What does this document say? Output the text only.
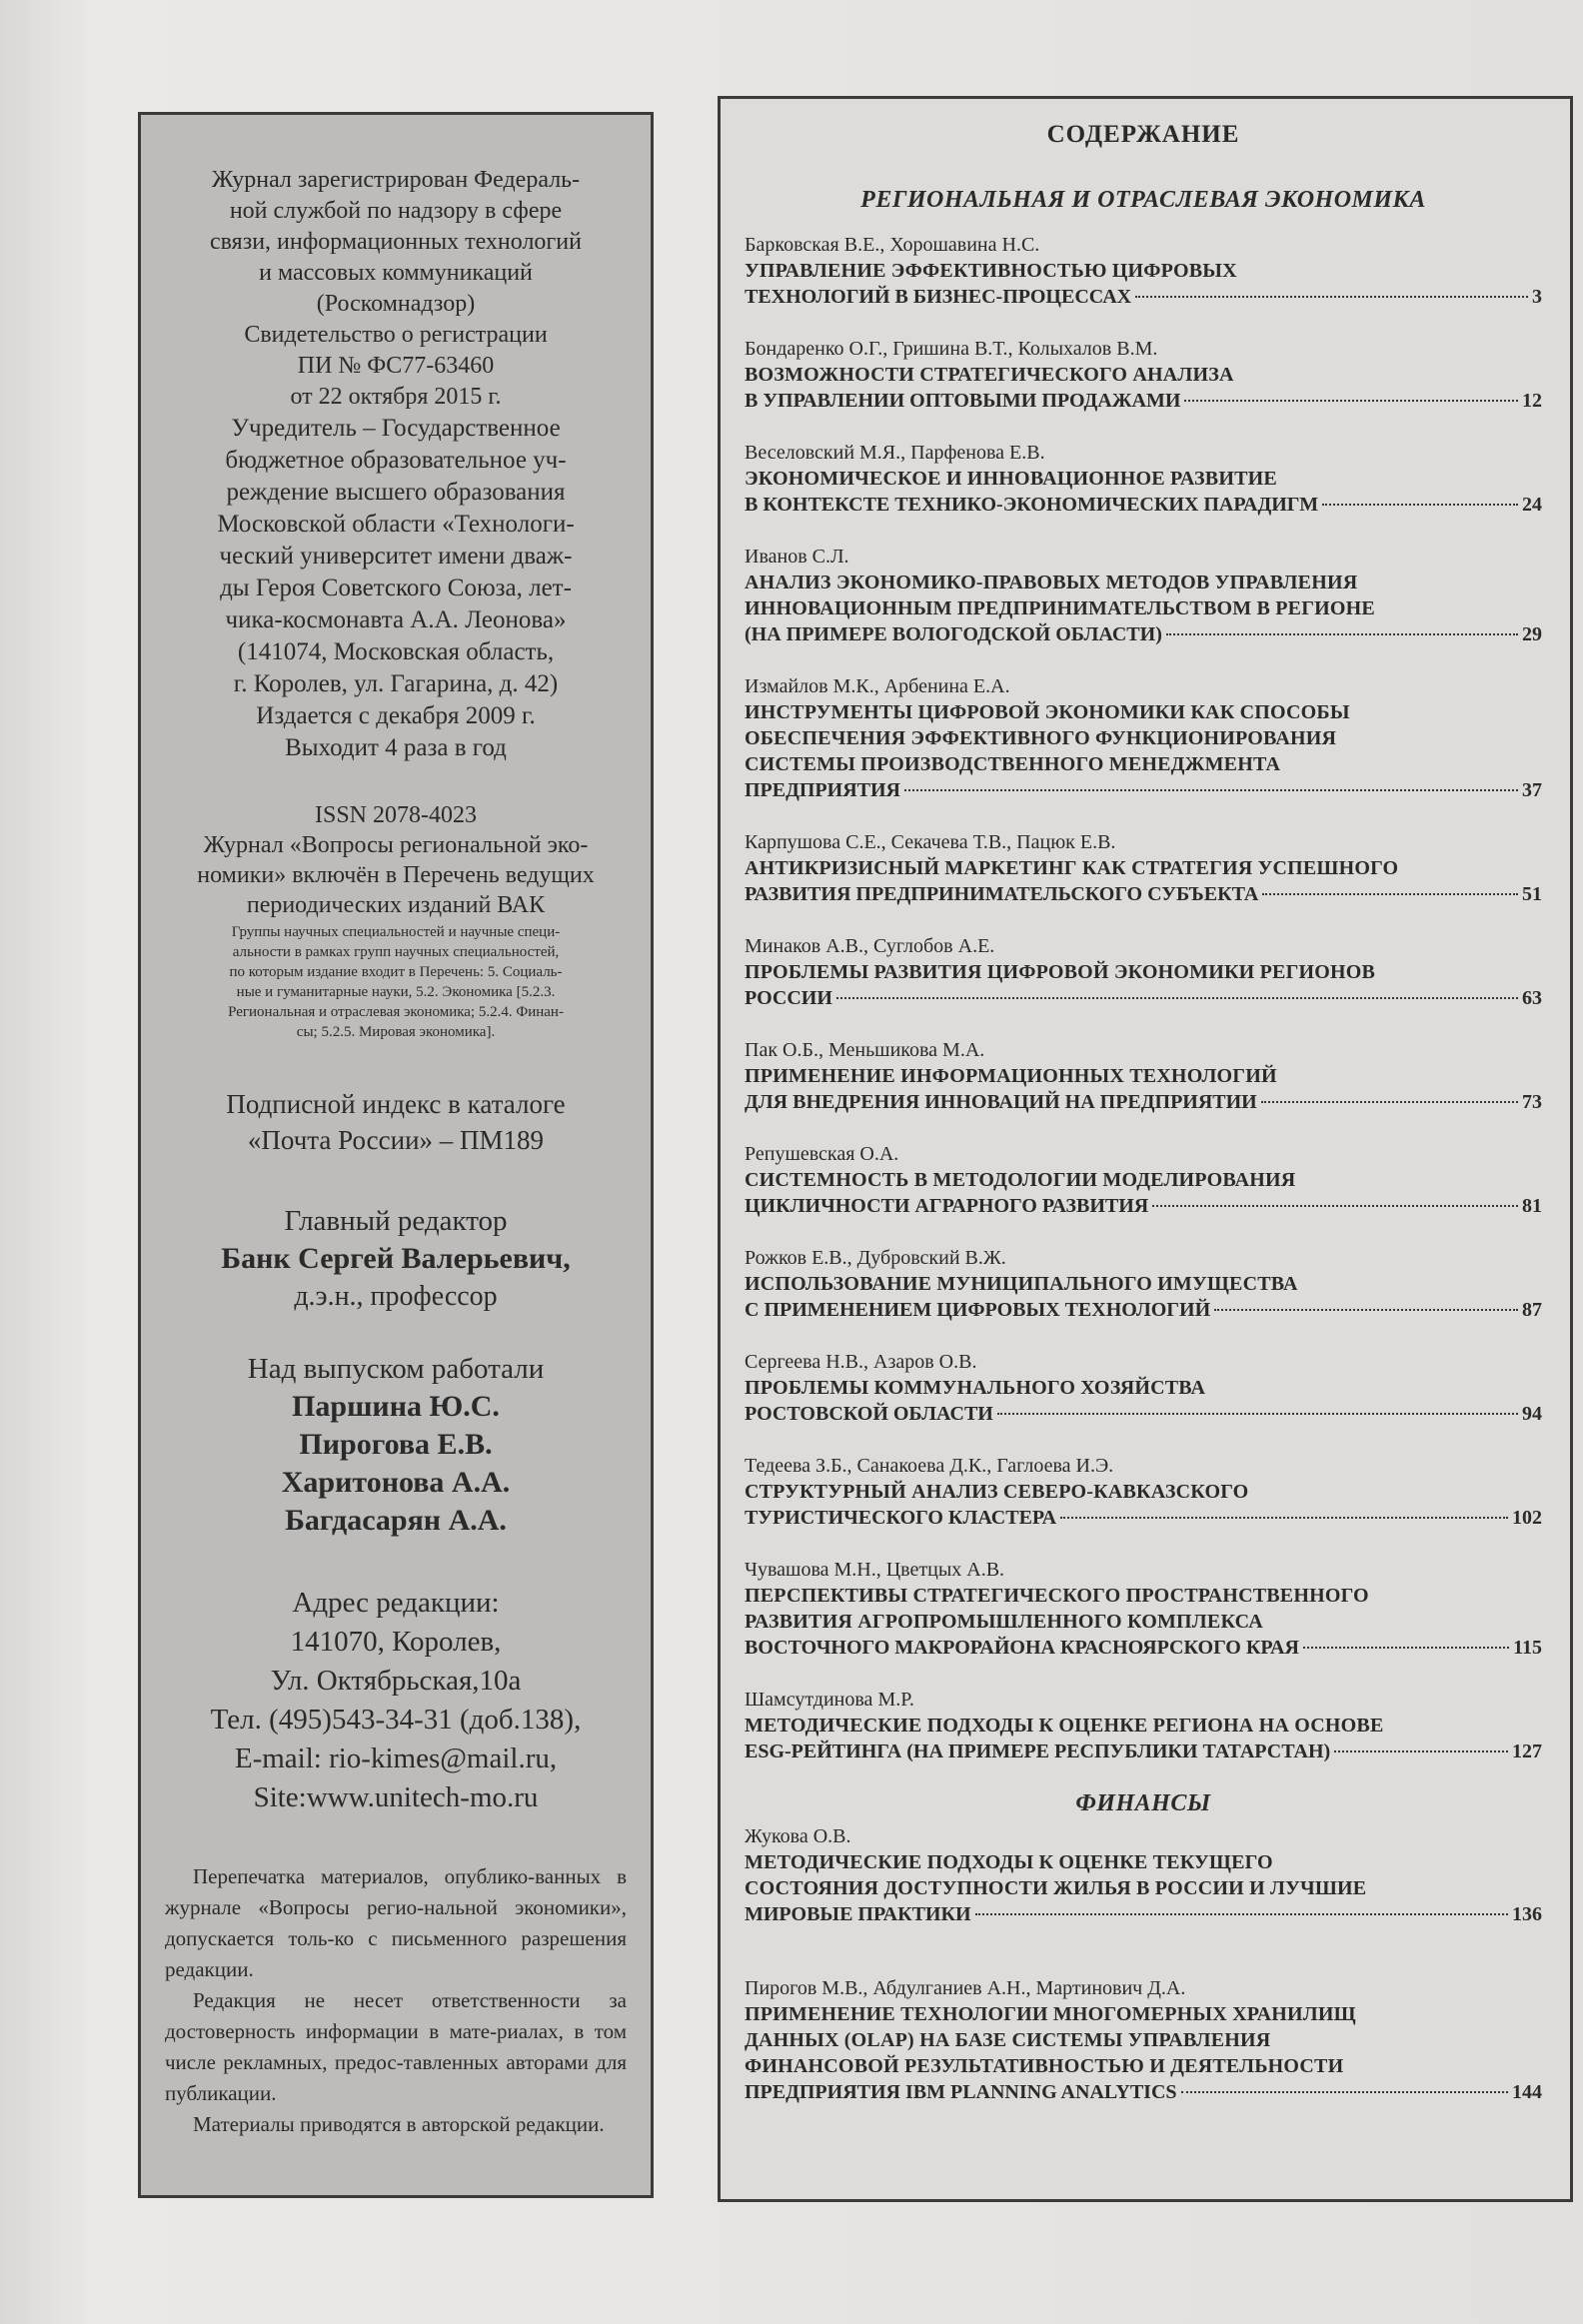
Журнал зарегистрирован Федераль-
ной службой по надзору в сфере
связи, информационных технологий
и массовых коммуникаций
(Роскомнадзор)
Свидетельство о регистрации
ПИ № ФС77-63460
от 22 октября 2015 г.
Учредитель – Государственное
бюджетное образовательное уч-
реждение высшего образования
Московской области «Технологи-
ческий университет имени дваж-
ды Героя Советского Союза, лет-
чика-космонавта А.А. Леонова»
(141074, Московская область,
г. Королев, ул. Гагарина, д. 42)
Издается с декабря 2009 г.
Выходит 4 раза в год
ISSN 2078-4023
Журнал «Вопросы региональной эко-
номики» включён в Перечень ведущих
периодических изданий ВАК
Группы научных специальностей и научные специ-
альности в рамках групп научных специальностей,
по которым издание входит в Перечень: 5. Социаль-
ные и гуманитарные науки, 5.2. Экономика [5.2.3.
Региональная и отраслевая экономика; 5.2.4. Финан-
сы; 5.2.5. Мировая экономика].
Подписной индекс в каталоге
«Почта России» – ПМ189
Главный редактор
Банк Сергей Валерьевич,
д.э.н., профессор
Над выпуском работали
Паршина Ю.С.
Пирогова Е.В.
Харитонова А.А.
Багдасарян А.А.
Адрес редакции:
141070, Королев,
Ул. Октябрьская,10а
Тел. (495)543-34-31 (доб.138),
E-mail: rio-kimes@mail.ru,
Site:www.unitech-mo.ru

Перепечатка материалов, опублико-ванных в журнале «Вопросы регио-нальной экономики», допускается толь-ко с письменного разрешения редакции.

Редакция не несет ответственности за достоверность информации в мате-риалах, в том числе рекламных, предос-тавленных авторами для публикации.

Материалы приводятся в авторской редакции.

СОДЕРЖАНИЕ
РЕГИОНАЛЬНАЯ И ОТРАСЛЕВАЯ ЭКОНОМИКА
Барковская В.Е., Хорошавина Н.С.
УПРАВЛЕНИЕ ЭФФЕКТИВНОСТЬЮ ЦИФРОВЫХ
ТЕХНОЛОГИЙ В БИЗНЕС-ПРОЦЕССАХ	3
Бондаренко О.Г., Гришина В.Т., Колыхалов В.М.
ВОЗМОЖНОСТИ СТРАТЕГИЧЕСКОГО АНАЛИЗА
В УПРАВЛЕНИИ ОПТОВЫМИ ПРОДАЖАМИ	12
Веселовский М.Я., Парфенова Е.В.
ЭКОНОМИЧЕСКОЕ И ИННОВАЦИОННОЕ РАЗВИТИЕ
В КОНТЕКСТЕ ТЕХНИКО-ЭКОНОМИЧЕСКИХ ПАРАДИГМ	24
Иванов С.Л.
АНАЛИЗ ЭКОНОМИКО-ПРАВОВЫХ МЕТОДОВ УПРАВЛЕНИЯ
ИННОВАЦИОННЫМ ПРЕДПРИНИМАТЕЛЬСТВОМ В РЕГИОНЕ
(НА ПРИМЕРЕ ВОЛОГОДСКОЙ ОБЛАСТИ)	29
Измайлов М.К., Арбенина Е.А.
ИНСТРУМЕНТЫ ЦИФРОВОЙ ЭКОНОМИКИ КАК СПОСОБЫ
ОБЕСПЕЧЕНИЯ ЭФФЕКТИВНОГО ФУНКЦИОНИРОВАНИЯ
СИСТЕМЫ ПРОИЗВОДСТВЕННОГО МЕНЕДЖМЕНТА
ПРЕДПРИЯТИЯ	37
Карпушова С.Е., Секачева Т.В., Пацюк Е.В.
АНТИКРИЗИСНЫЙ МАРКЕТИНГ КАК СТРАТЕГИЯ УСПЕШНОГО
РАЗВИТИЯ ПРЕДПРИНИМАТЕЛЬСКОГО СУБЪЕКТА	51
Минаков А.В., Суглобов А.Е.
ПРОБЛЕМЫ РАЗВИТИЯ ЦИФРОВОЙ ЭКОНОМИКИ РЕГИОНОВ
РОССИИ	63
Пак О.Б., Меньшикова М.А.
ПРИМЕНЕНИЕ ИНФОРМАЦИОННЫХ ТЕХНОЛОГИЙ
ДЛЯ ВНЕДРЕНИЯ ИННОВАЦИЙ НА ПРЕДПРИЯТИИ	73
Репушевская О.А.
СИСТЕМНОСТЬ В МЕТОДОЛОГИИ МОДЕЛИРОВАНИЯ
ЦИКЛИЧНОСТИ АГРАРНОГО РАЗВИТИЯ	81
Рожков Е.В., Дубровский В.Ж.
ИСПОЛЬЗОВАНИЕ МУНИЦИПАЛЬНОГО ИМУЩЕСТВА
С ПРИМЕНЕНИЕМ ЦИФРОВЫХ ТЕХНОЛОГИЙ	87
Сергеева Н.В., Азаров О.В.
ПРОБЛЕМЫ КОММУНАЛЬНОГО ХОЗЯЙСТВА
РОСТОВСКОЙ ОБЛАСТИ	94
Тедеева З.Б., Санакоева Д.К., Гаглоева И.Э.
СТРУКТУРНЫЙ АНАЛИЗ СЕВЕРО-КАВКАЗСКОГО
ТУРИСТИЧЕСКОГО КЛАСТЕРА	102
Чувашова М.Н., Цветцых А.В.
ПЕРСПЕКТИВЫ СТРАТЕГИЧЕСКОГО ПРОСТРАНСТВЕННОГО
РАЗВИТИЯ АГРОПРОМЫШЛЕННОГО КОМПЛЕКСА
ВОСТОЧНОГО МАКРОРАЙОНА КРАСНОЯРСКОГО КРАЯ	115
Шамсутдинова М.Р.
МЕТОДИЧЕСКИЕ ПОДХОДЫ К ОЦЕНКЕ РЕГИОНА НА ОСНОВЕ
ESG-РЕЙТИНГА (НА ПРИМЕРЕ РЕСПУБЛИКИ ТАТАРСТАН)	127
ФИНАНСЫ
Жукова О.В.
МЕТОДИЧЕСКИЕ ПОДХОДЫ К ОЦЕНКЕ ТЕКУЩЕГО
СОСТОЯНИЯ ДОСТУПНОСТИ ЖИЛЬЯ В РОССИИ И ЛУЧШИЕ
МИРОВЫЕ ПРАКТИКИ	136
Пирогов М.В., Абдулганиев А.Н., Мартинович Д.А.
ПРИМЕНЕНИЕ ТЕХНОЛОГИИ МНОГОМЕРНЫХ ХРАНИЛИЩ
ДАННЫХ (OLAP) НА БАЗЕ СИСТЕМЫ УПРАВЛЕНИЯ
ФИНАНСОВОЙ РЕЗУЛЬТАТИВНОСТЬЮ И ДЕЯТЕЛЬНОСТИ
ПРЕДПРИЯТИЯ IBM PLANNING ANALYTICS	144
